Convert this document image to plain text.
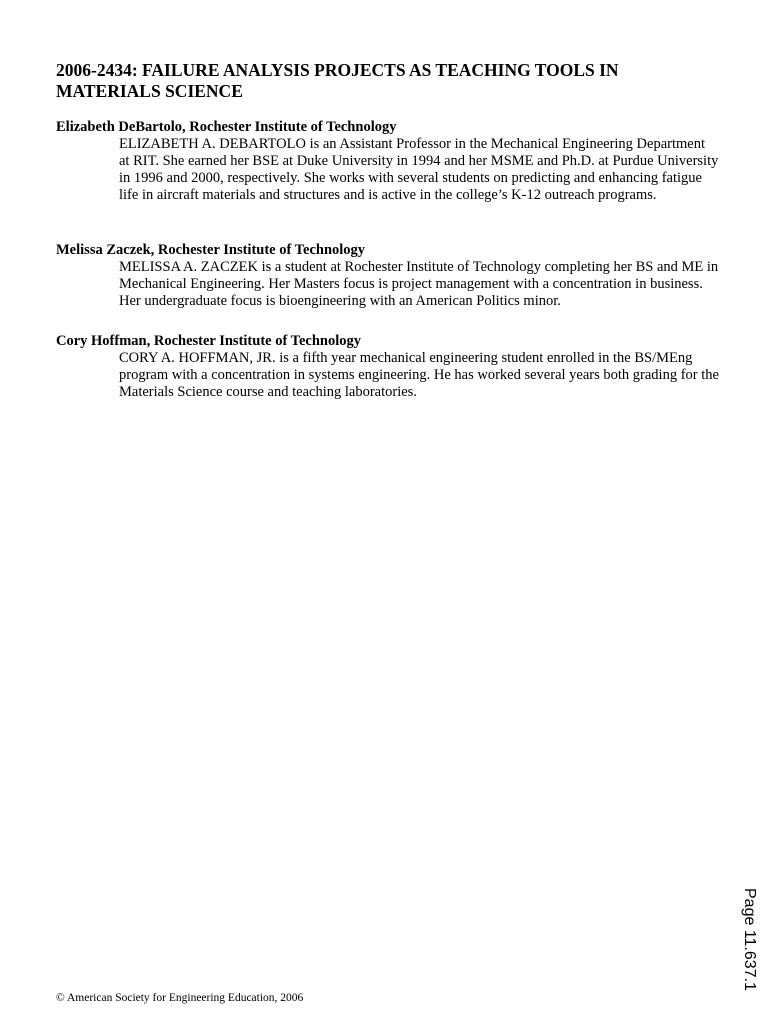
2006-2434: FAILURE ANALYSIS PROJECTS AS TEACHING TOOLS IN MATERIALS SCIENCE

Elizabeth DeBartolo, Rochester Institute of Technology

ELIZABETH A. DEBARTOLO is an Assistant Professor in the Mechanical Engineering Department at RIT. She earned her BSE at Duke University in 1994 and her MSME and Ph.D. at Purdue University in 1996 and 2000, respectively. She works with several students on predicting and enhancing fatigue life in aircraft materials and structures and is active in the college’s K-12 outreach programs.

Melissa Zaczek, Rochester Institute of Technology

MELISSA A. ZACZEK is a student at Rochester Institute of Technology completing her BS and ME in Mechanical Engineering. Her Masters focus is project management with a concentration in business. Her undergraduate focus is bioengineering with an American Politics minor.

Cory Hoffman, Rochester Institute of Technology

CORY A. HOFFMAN, JR. is a fifth year mechanical engineering student enrolled in the BS/MEng program with a concentration in systems engineering. He has worked several years both grading for the Materials Science course and teaching laboratories.

Page 11.637.1
© American Society for Engineering Education, 2006
